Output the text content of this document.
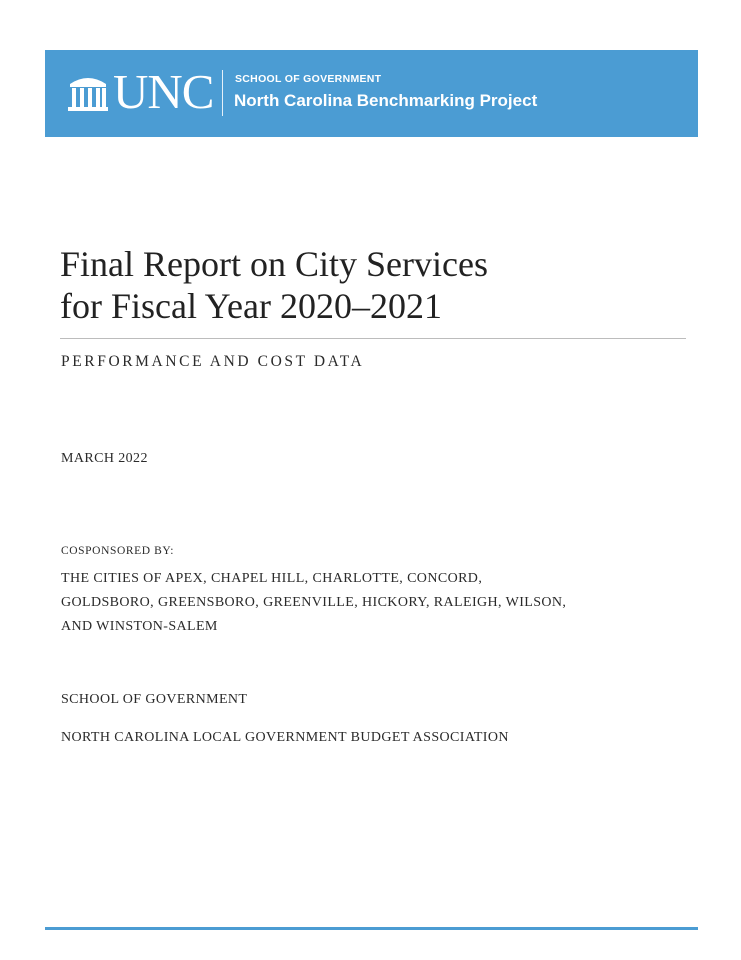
UNC SCHOOL OF GOVERNMENT
North Carolina Benchmarking Project
Final Report on City Services
for Fiscal Year 2020–2021
PERFORMANCE AND COST DATA
MARCH 2022
COSPONSORED BY:
THE CITIES OF APEX, CHAPEL HILL, CHARLOTTE, CONCORD,
GOLDSBORO, GREENSBORO, GREENVILLE, HICKORY, RALEIGH, WILSON,
AND WINSTON-SALEM
SCHOOL OF GOVERNMENT
NORTH CAROLINA LOCAL GOVERNMENT BUDGET ASSOCIATION
